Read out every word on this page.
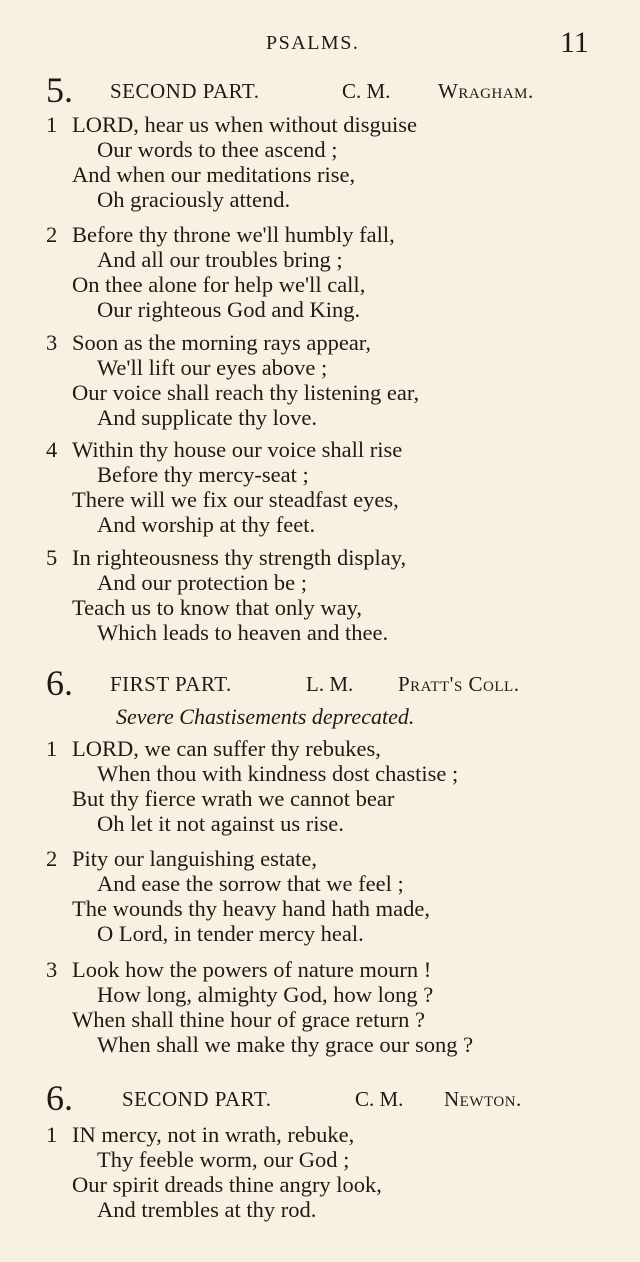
PSALMS.	11
5. SECOND PART.	C. M. Wragham.
1 LORD, hear us when without disguise
Our words to thee ascend ;
And when our meditations rise,
Oh graciously attend.
2 Before thy throne we'll humbly fall,
And all our troubles bring ;
On thee alone for help we'll call,
Our righteous God and King.
3 Soon as the morning rays appear,
We'll lift our eyes above ;
Our voice shall reach thy listening ear,
And supplicate thy love.
4 Within thy house our voice shall rise
Before thy mercy-seat ;
There will we fix our steadfast eyes,
And worship at thy feet.
5 In righteousness thy strength display,
And our protection be ;
Teach us to know that only way,
Which leads to heaven and thee.
6. FIRST PART.	L. M. Pratt's Coll.
Severe Chastisements deprecated.
1 LORD, we can suffer thy rebukes,
When thou with kindness dost chastise ;
But thy fierce wrath we cannot bear
Oh let it not against us rise.
2 Pity our languishing estate,
And ease the sorrow that we feel ;
The wounds thy heavy hand hath made,
O Lord, in tender mercy heal.
3 Look how the powers of nature mourn !
How long, almighty God, how long ?
When shall thine hour of grace return ?
When shall we make thy grace our song ?
6. SECOND PART.	C. M. Newton.
1 IN mercy, not in wrath, rebuke,
Thy feeble worm, our God ;
Our spirit dreads thine angry look,
And trembles at thy rod.
